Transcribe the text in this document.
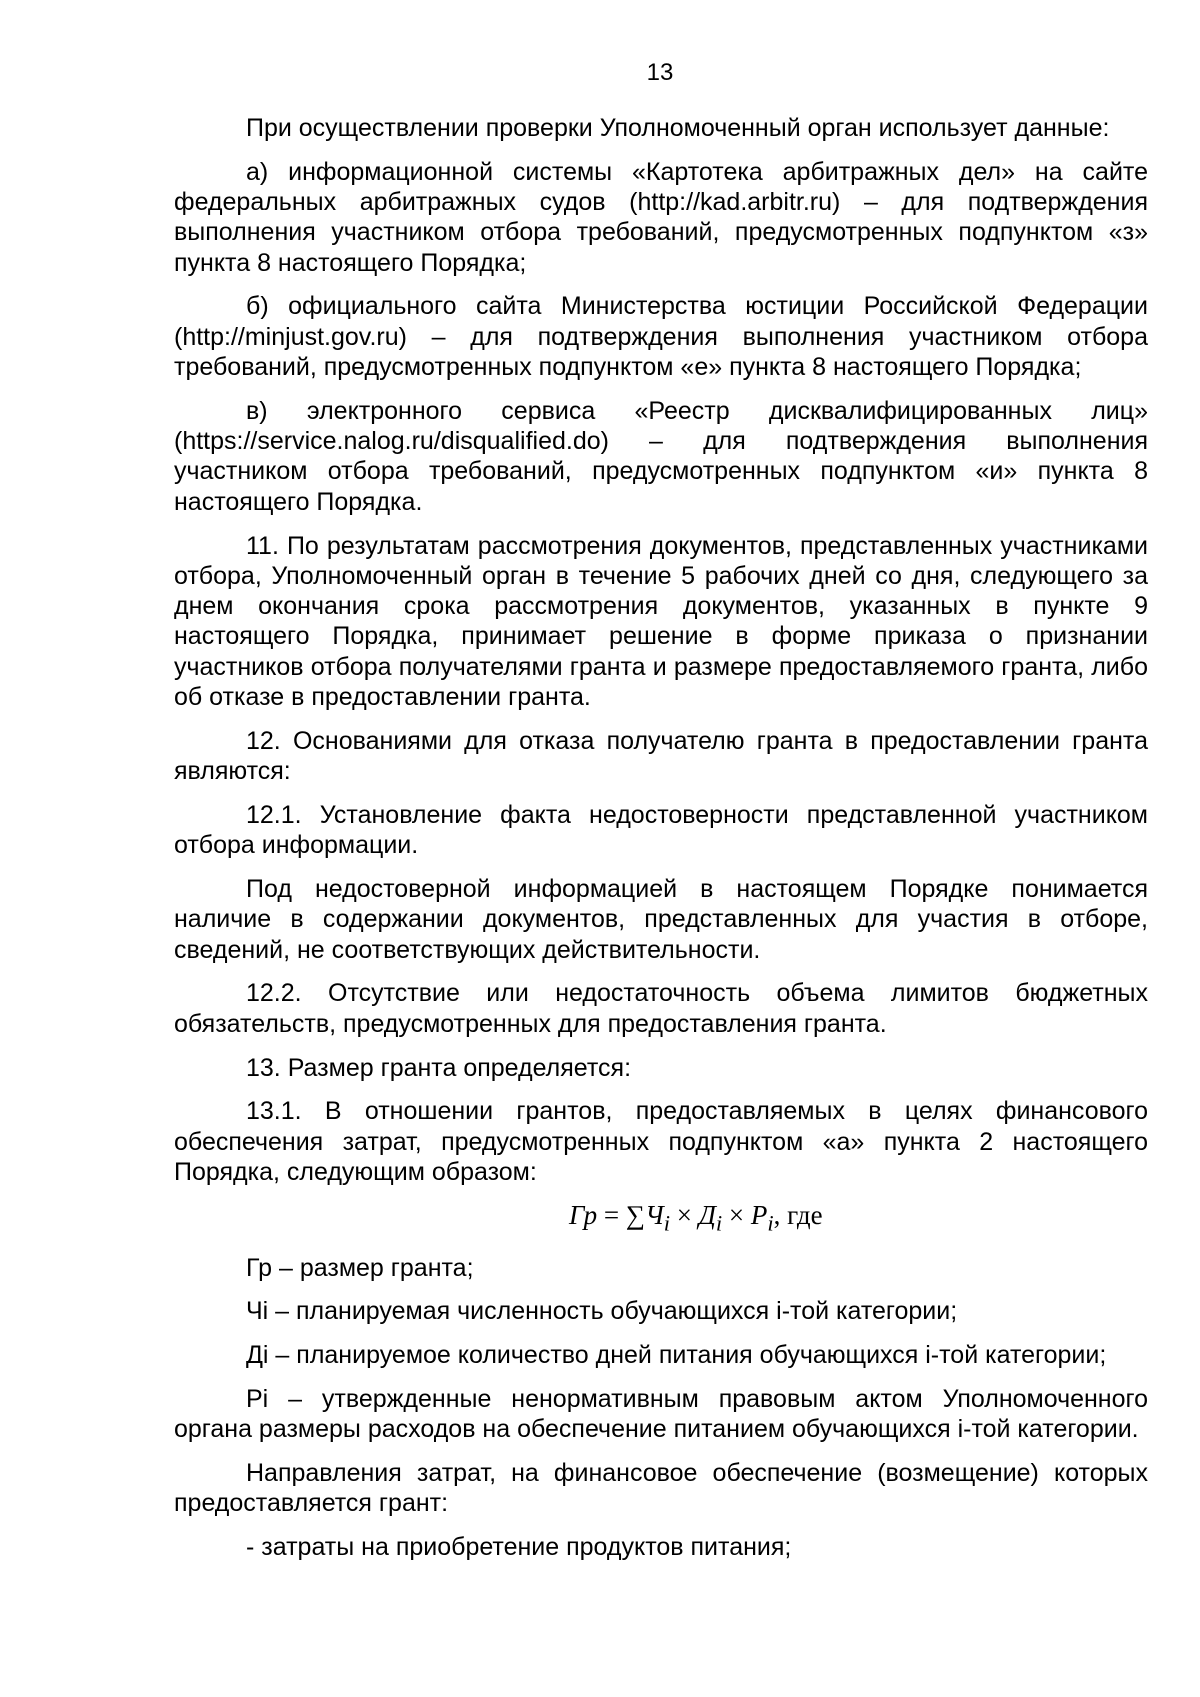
13

При осуществлении проверки Уполномоченный орган использует данные:

а) информационной системы «Картотека арбитражных дел» на сайте федеральных арбитражных судов (http://kad.arbitr.ru) – для подтверждения выполнения участником отбора требований, предусмотренных подпунктом «з» пункта 8 настоящего Порядка;

б) официального сайта Министерства юстиции Российской Федерации (http://minjust.gov.ru) – для подтверждения выполнения участником отбора требований, предусмотренных подпунктом «е» пункта 8 настоящего Порядка;

в) электронного сервиса «Реестр дисквалифицированных лиц» (https://service.nalog.ru/disqualified.do) – для подтверждения выполнения участником отбора требований, предусмотренных подпунктом «и» пункта 8 настоящего Порядка.

11. По результатам рассмотрения документов, представленных участниками отбора, Уполномоченный орган в течение 5 рабочих дней со дня, следующего за днем окончания срока рассмотрения документов, указанных в пункте 9 настоящего Порядка, принимает решение в форме приказа о признании участников отбора получателями гранта и размере предоставляемого гранта, либо об отказе в предоставлении гранта.

12. Основаниями для отказа получателю гранта в предоставлении гранта являются:

12.1. Установление факта недостоверности представленной участником отбора информации.

Под недостоверной информацией в настоящем Порядке понимается наличие в содержании документов, представленных для участия в отборе, сведений, не соответствующих действительности.

12.2. Отсутствие или недостаточность объема лимитов бюджетных обязательств, предусмотренных для предоставления гранта.

13. Размер гранта определяется:

13.1. В отношении грантов, предоставляемых в целях финансового обеспечения затрат, предусмотренных подпунктом «а» пункта 2 настоящего Порядка, следующим образом:

Гр = $\sum Ч_i \times Д_i \times P_i$, где

Гр – размер гранта;

Чi – планируемая численность обучающихся i-той категории;

Дi – планируемое количество дней питания обучающихся i-той категории;

Pi – утвержденные ненормативным правовым актом Уполномоченного органа размеры расходов на обеспечение питанием обучающихся i-той категории.

Направления затрат, на финансовое обеспечение (возмещение) которых предоставляется грант:

- затраты на приобретение продуктов питания;
